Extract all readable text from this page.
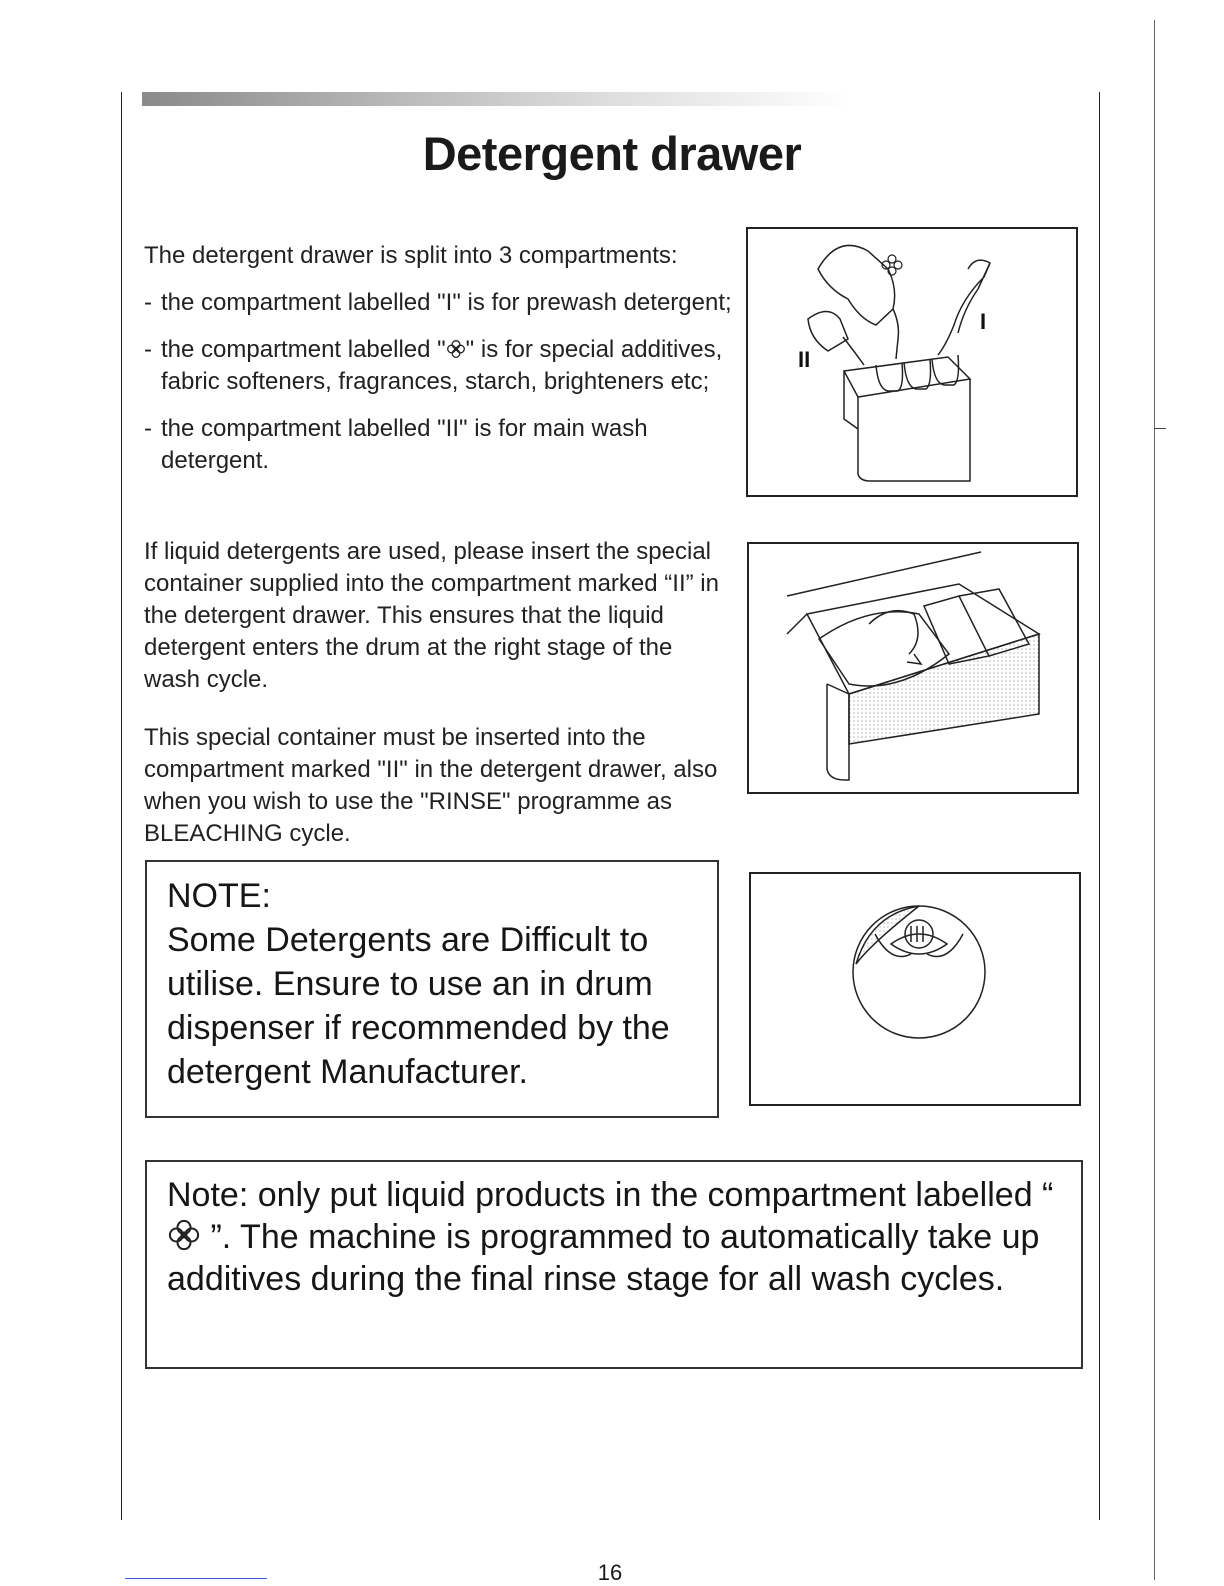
Detergent drawer

The detergent drawer is split into 3 compartments:

- the compartment labelled "I" is for prewash detergent;

- the compartment labelled " " is for special additives, fabric softeners, fragrances, starch, brighteners etc;

- the compartment labelled "II" is for main wash detergent.

If liquid detergents are used, please insert the special container supplied into the compartment marked “II” in the detergent drawer. This ensures that the liquid detergent enters the drum at the right stage of the wash cycle.

This special container must be inserted into the compartment marked "II" in the detergent drawer, also when you wish to use the "RINSE" programme as BLEACHING cycle.

II
I

NOTE:

Some Detergents are Difficult to utilise. Ensure to use an in drum dispenser if recommended by the detergent Manufacturer.

Note: only put liquid products in the compartment labelled “  ”. The machine is programmed to automatically take up additives during the final rinse stage for all wash cycles.

16
